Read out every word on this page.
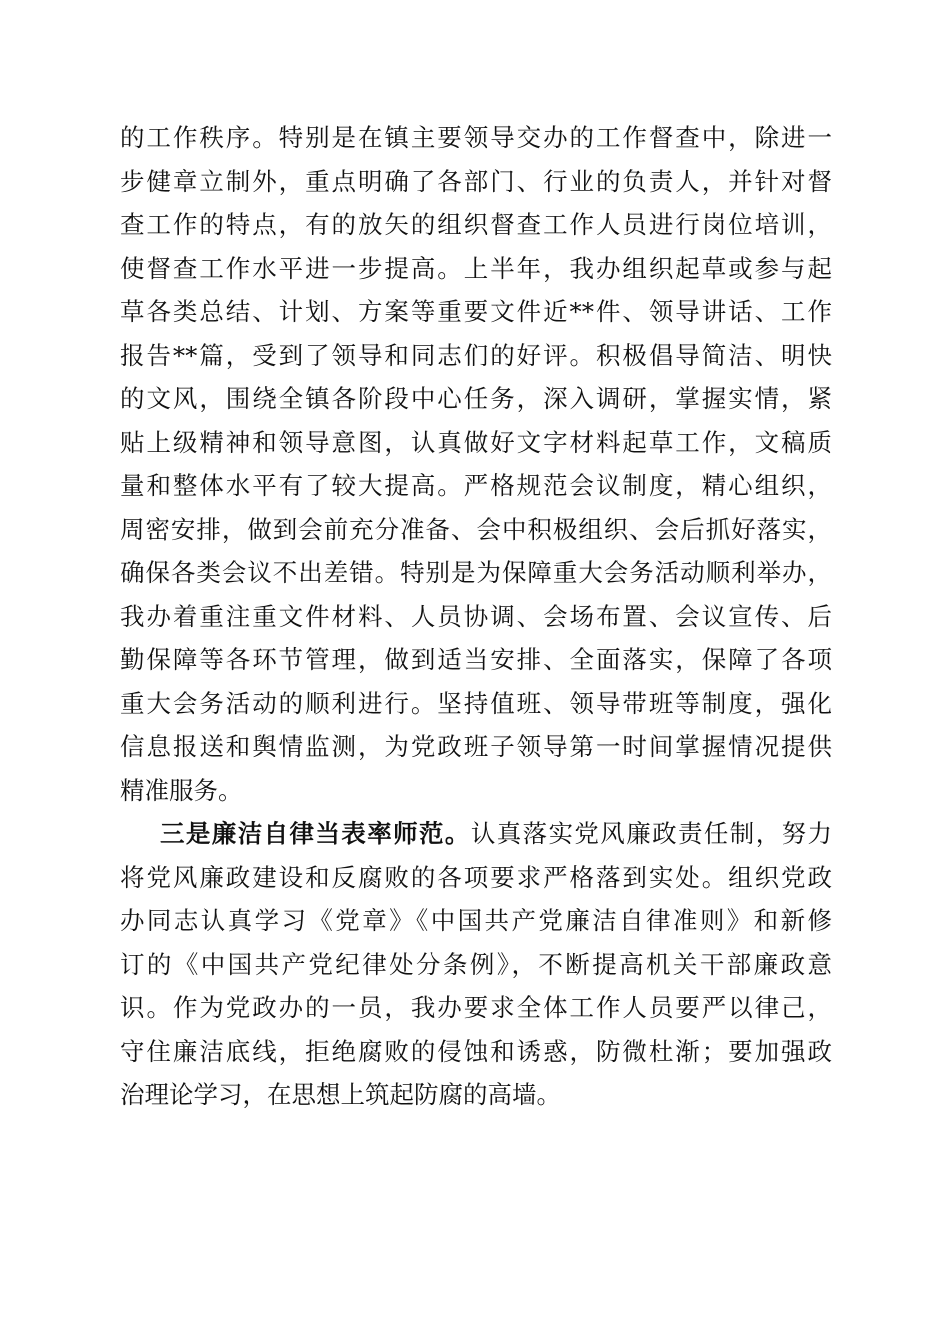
的工作秩序。特别是在镇主要领导交办的工作督查中，除进一
步健章立制外，重点明确了各部门、行业的负责人，并针对督
查工作的特点，有的放矢的组织督查工作人员进行岗位培训，
使督查工作水平进一步提高。上半年，我办组织起草或参与起
草各类总结、计划、方案等重要文件近**件、领导讲话、工作
报告**篇，受到了领导和同志们的好评。积极倡导简洁、明快
的文风，围绕全镇各阶段中心任务，深入调研，掌握实情，紧
贴上级精神和领导意图，认真做好文字材料起草工作，文稿质
量和整体水平有了较大提高。严格规范会议制度，精心组织，
周密安排，做到会前充分准备、会中积极组织、会后抓好落实，
确保各类会议不出差错。特别是为保障重大会务活动顺利举办，
我办着重注重文件材料、人员协调、会场布置、会议宣传、后
勤保障等各环节管理，做到适当安排、全面落实，保障了各项
重大会务活动的顺利进行。坚持值班、领导带班等制度，强化
信息报送和舆情监测，为党政班子领导第一时间掌握情况提供
精准服务。
三是廉洁自律当表率师范。认真落实党风廉政责任制，努力
将党风廉政建设和反腐败的各项要求严格落到实处。组织党政
办同志认真学习《党章》《中国共产党廉洁自律准则》和新修
订的《中国共产党纪律处分条例》，不断提高机关干部廉政意
识。作为党政办的一员，我办要求全体工作人员要严以律己，
守住廉洁底线，拒绝腐败的侵蚀和诱惑，防微杜渐；要加强政
治理论学习，在思想上筑起防腐的高墙。
